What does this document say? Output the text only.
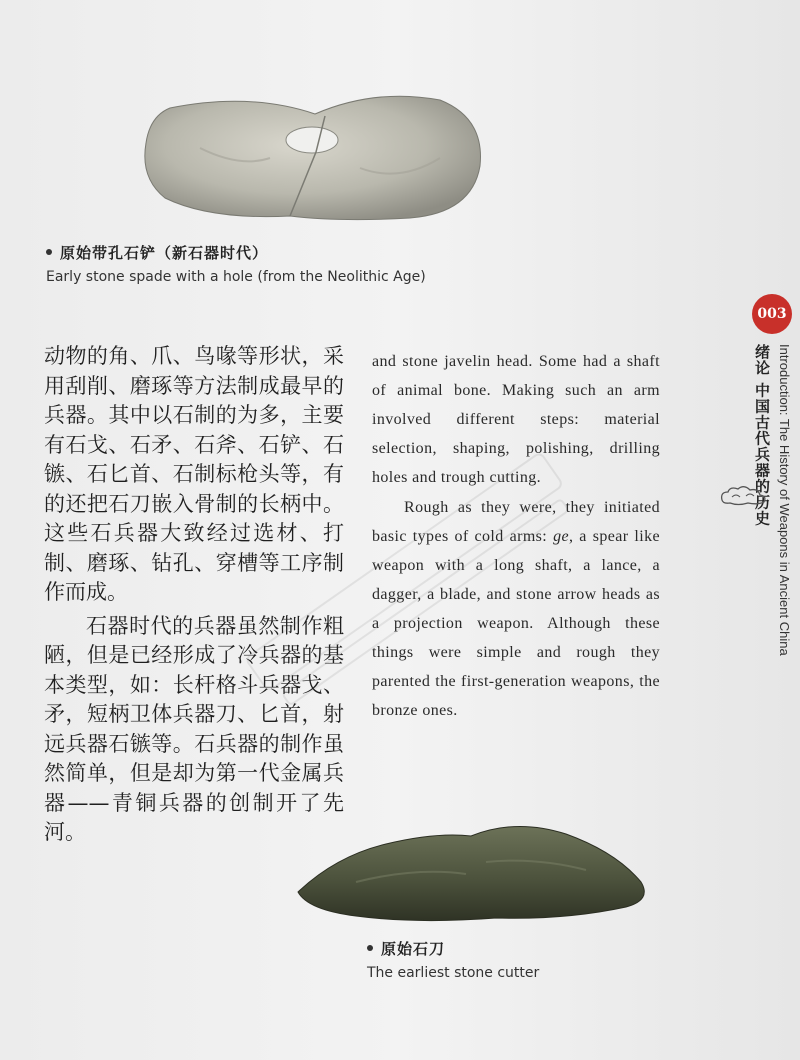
原始带孔石铲（新石器时代）
Early stone spade with a hole (from the Neolithic Age)

动物的角、爪、鸟喙等形状，采用刮削、磨琢等方法制成最早的兵器。其中以石制的为多，主要有石戈、石矛、石斧、石铲、石镞、石匕首、石制标枪头等，有的还把石刀嵌入骨制的长柄中。这些石兵器大致经过选材、打制、磨琢、钻孔、穿槽等工序制作而成。

石器时代的兵器虽然制作粗陋，但是已经形成了冷兵器的基本类型，如：长杆格斗兵器戈、矛，短柄卫体兵器刀、匕首，射远兵器石镞等。石兵器的制作虽然简单，但是却为第一代金属兵器——青铜兵器的创制开了先河。

and stone javelin head. Some had a shaft of animal bone. Making such an arm involved different steps: material selection, shaping, polishing, drilling holes and trough cutting.

Rough as they were, they initiated basic types of cold arms: ge, a spear like weapon with a long shaft, a lance, a dagger, a blade, and stone arrow heads as a projection weapon. Although these things were simple and rough they parented the first-generation weapons, the bronze ones.

003
绪论 中国古代兵器的历史 Introduction: The History of Weapons in Ancient China
原始石刀
The earliest stone cutter
